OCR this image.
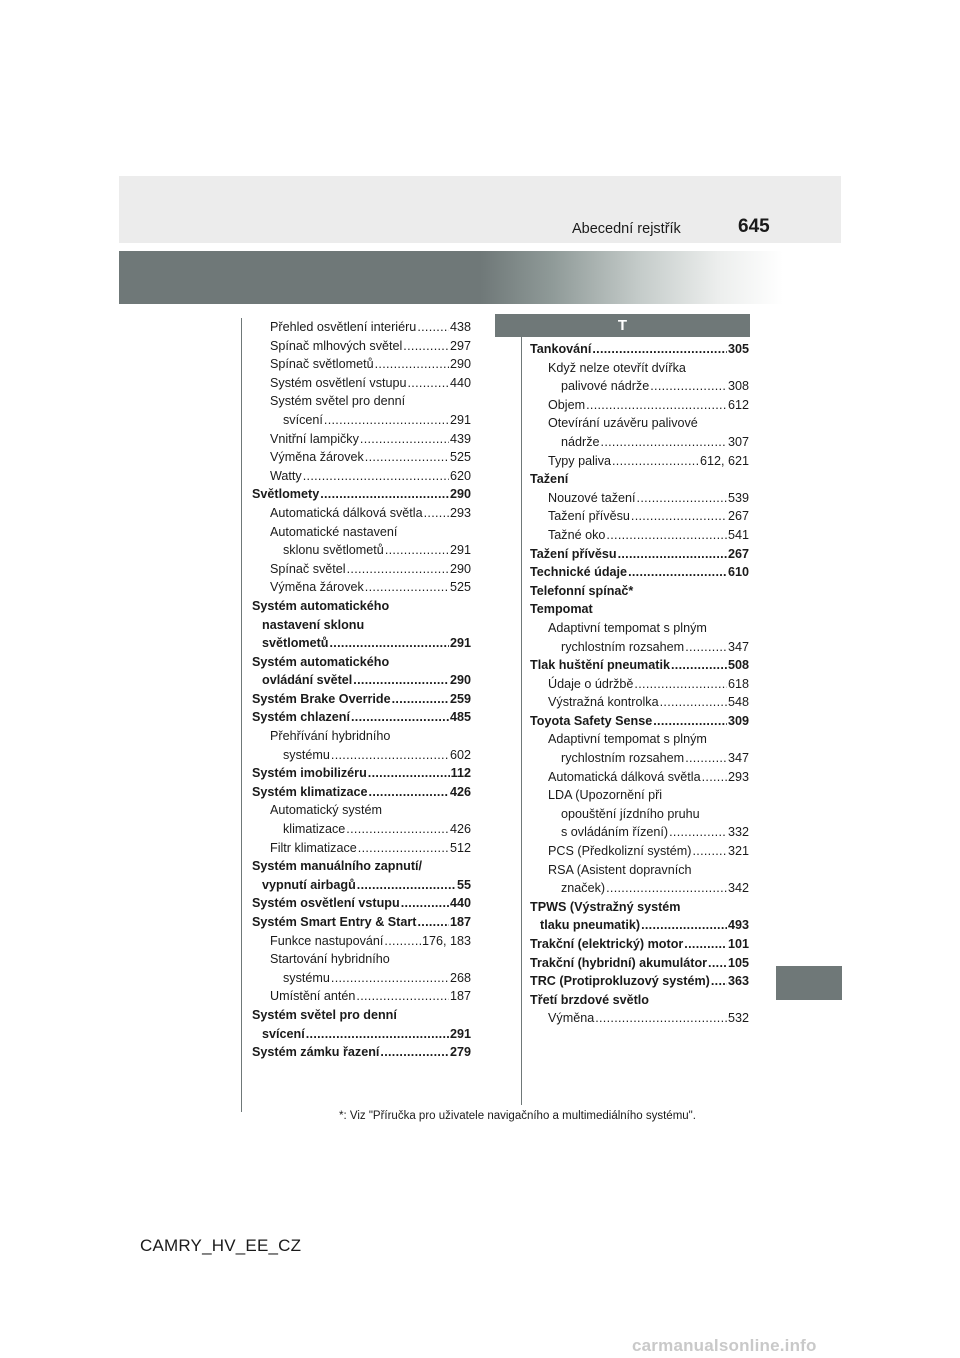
Abecední rejstřík	645
T
Přehled osvětlení interiéru .....	438
Spínač mlhových světel .....	297
Spínač světlometů .....	290
Systém osvětlení vstupu .....	440
Systém světel pro denní
svícení .....	291
Vnitřní lampičky .....	439
Výměna žárovek .....	525
Watty .....	620
Světlomety .....	290
Automatická dálková světla ..... 293
Automatické nastavení
sklonu světlometů .....	291
Spínač světel .....	290
Výměna žárovek .....	525
Systém automatického
nastavení sklonu
světlometů .....	291
Systém automatického
ovládání světel .....	290
Systém Brake Override .....	259
Systém chlazení .....	485
Přehřívání hybridního
systému .....	602
Systém imobilizéru .....	112
Systém klimatizace .....	426
Automatický systém
klimatizace .....	426
Filtr klimatizace .....	512
Systém manuálního zapnutí/
vypnutí airbagů .....	55
Systém osvětlení vstupu .....	440
Systém Smart Entry & Start .....	187
Funkce nastupování .....	176, 183
Startování hybridního
systému .....	268
Umístění antén .....	187
Systém světel pro denní
svícení .....	291
Systém zámku řazení .....	279
Tankování .....	305
Když nelze otevřít dvířka
palivové nádrže .....	308
Objem .....	612
Otevírání uzávěru palivové
nádrže .....	307
Typy paliva .....	612, 621
Tažení
Nouzové tažení .....	539
Tažení přívěsu .....	267
Tažné oko .....	541
Tažení přívěsu .....	267
Technické údaje .....	610
Telefonní spínač*
Tempomat
Adaptivní tempomat s plným
rychlostním rozsahem .....	347
Tlak huštění pneumatik .....	508
Údaje o údržbě .....	618
Výstražná kontrolka .....	548
Toyota Safety Sense .....	309
Adaptivní tempomat s plným
rychlostním rozsahem .....	347
Automatická dálková světla ..... 293
LDA (Upozornění při
opouštění jízdního pruhu
s ovládáním řízení) .....	332
PCS (Předkolizní systém) .....	321
RSA (Asistent dopravních
značek) .....	342
TPWS (Výstražný systém
tlaku pneumatik) .....	493
Trakční (elektrický) motor .....	101
Trakční (hybridní) akumulátor ..... 105
TRC (Protiprokluzový systém) ..... 363
Třetí brzdové světlo
Výměna .....	532
*: Viz "Příručka pro uživatele navigačního a multimediálního systému".
CAMRY_HV_EE_CZ
carmanualsonline.info
